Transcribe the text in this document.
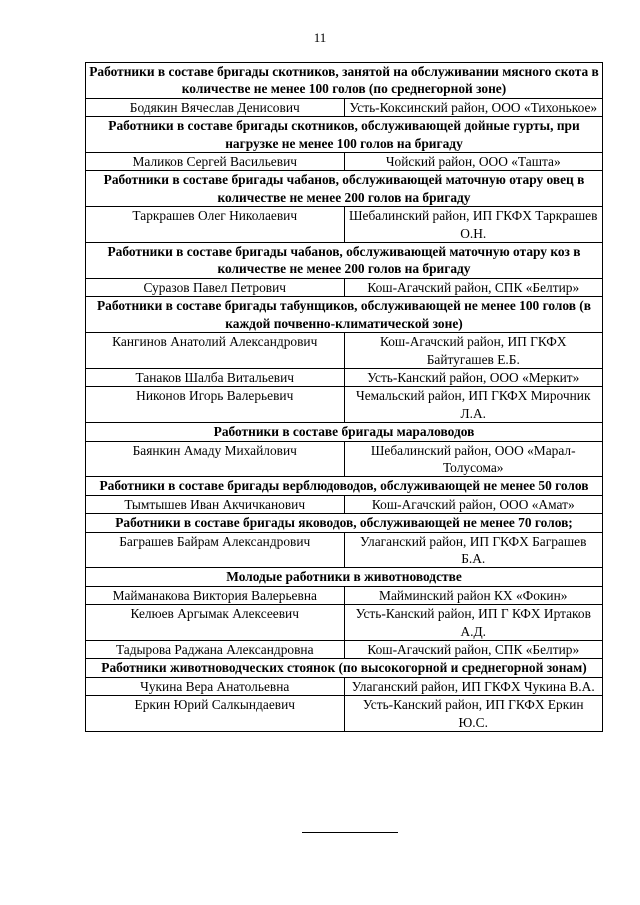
11
Работники в составе бригады скотников, занятой на обслуживании мясного скота в количестве не менее 100 голов (по среднегорной зоне)	
Бодякин Вячеслав Денисович	Усть-Коксинский район, ООО «Тихонькое»
Работники в составе бригады скотников, обслуживающей дойные гурты, при нагрузке не менее 100 голов на бригаду	
Маликов Сергей Васильевич	Чойский район, ООО «Ташта»
Работники в составе бригады чабанов, обслуживающей маточную отару овец в количестве не менее 200 голов на бригаду	
Таркрашев Олег Николаевич	Шебалинский район, ИП ГКФХ Таркрашев О.Н.
Работники в составе бригады чабанов, обслуживающей маточную отару коз в количестве не менее 200 голов на бригаду	
Суразов Павел Петрович	Кош-Агачский район, СПК «Белтир»
Работники в составе бригады табунщиков, обслуживающей не менее 100 голов (в каждой почвенно-климатической зоне)	
Кангинов Анатолий Александрович	Кош-Агачский район, ИП ГКФХ Байтугашев Е.Б.
Танаков Шалба Витальевич	Усть-Канский район, ООО «Меркит»
Никонов Игорь Валерьевич	Чемальский район, ИП ГКФХ Мирочник Л.А.
Работники в составе бригады мараловодов	
Баянкин Амаду Михайлович	Шебалинский район, ООО «Марал-Толусома»
Работники в составе бригады верблюдоводов, обслуживающей не менее 50 голов	
Тымтышев Иван Акчичканович	Кош-Агачский район, ООО «Амат»
Работники в составе бригады яководов, обслуживающей не менее 70 голов;	
Баграшев Байрам Александрович	Улаганский район, ИП ГКФХ Баграшев Б.А.
Молодые работники в животноводстве	
Майманакова Виктория Валерьевна	Майминский район КХ «Фокин»
Келюев Аргымак Алексеевич	Усть-Канский район, ИП Г КФХ Иртаков А.Д.
Тадырова Раджана Александровна	Кош-Агачский район, СПК «Белтир»
Работники животноводческих стоянок (по высокогорной и среднегорной зонам)	
Чукина Вера Анатольевна	Улаганский район, ИП ГКФХ Чукина В.А.
Еркин Юрий Салкындаевич	Усть-Канский район, ИП ГКФХ Еркин Ю.С.
